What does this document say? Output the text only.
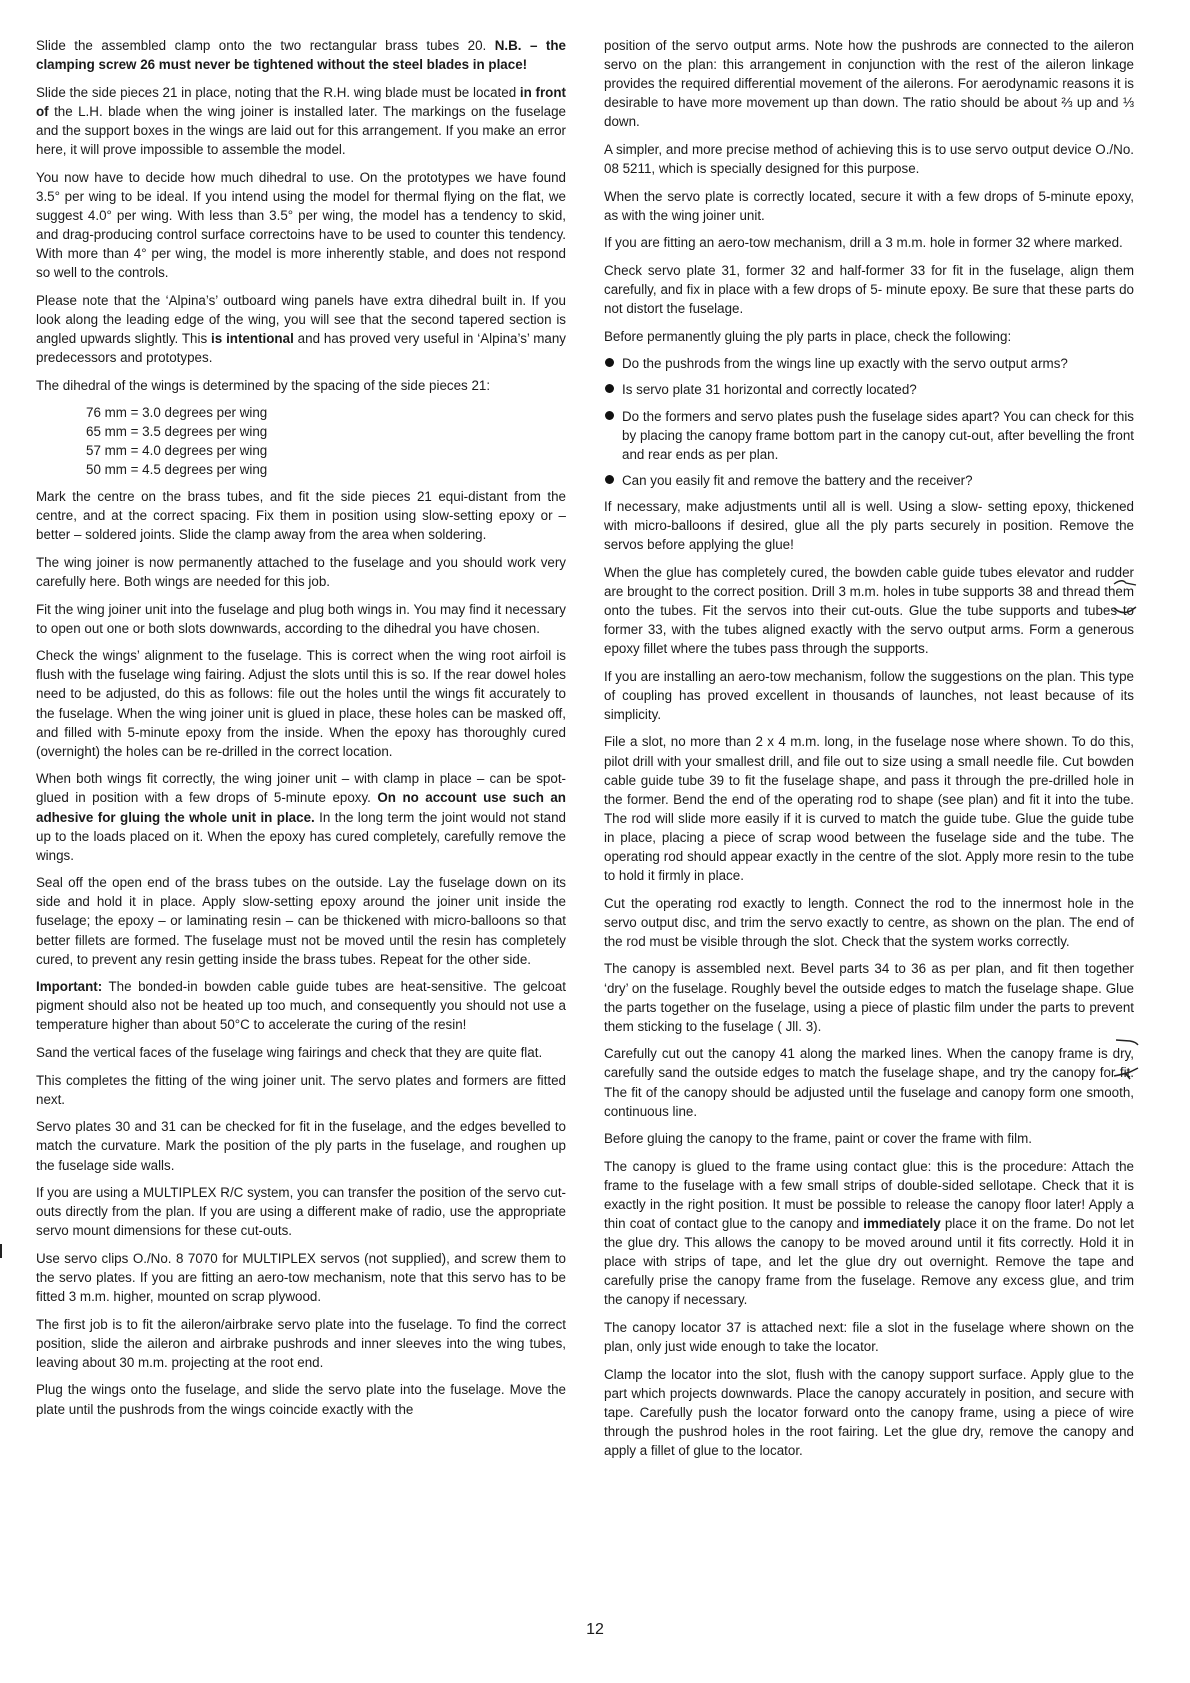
Slide the assembled clamp onto the two rectangular brass tubes 20. N.B. – the clamping screw 26 must never be tightened without the steel blades in place!

Slide the side pieces 21 in place, noting that the R.H. wing blade must be located in front of the L.H. blade when the wing joiner is installed later. The markings on the fuselage and the support boxes in the wings are laid out for this arrangement. If you make an error here, it will prove impossible to assemble the model.

You now have to decide how much dihedral to use. On the prototypes we have found 3.5° per wing to be ideal. If you intend using the model for thermal flying on the flat, we suggest 4.0° per wing. With less than 3.5° per wing, the model has a tendency to skid, and drag-producing control surface correctoins have to be used to counter this tendency. With more than 4° per wing, the model is more inherently stable, and does not respond so well to the controls.

Please note that the ‘Alpina’s’ outboard wing panels have extra dihedral built in. If you look along the leading edge of the wing, you will see that the second tapered section is angled upwards slightly. This is intentional and has proved very useful in ‘Alpina’s’ many predecessors and prototypes.

The dihedral of the wings is determined by the spacing of the side pieces 21:

76 mm = 3.0 degrees per wing
65 mm = 3.5 degrees per wing
57 mm = 4.0 degrees per wing
50 mm = 4.5 degrees per wing

Mark the centre on the brass tubes, and fit the side pieces 21 equi-distant from the centre, and at the correct spacing. Fix them in position using slow-setting epoxy or – better – soldered joints. Slide the clamp away from the area when soldering.

The wing joiner is now permanently attached to the fuselage and you should work very carefully here. Both wings are needed for this job.

Fit the wing joiner unit into the fuselage and plug both wings in. You may find it necessary to open out one or both slots downwards, according to the dihedral you have chosen.

Check the wings’ alignment to the fuselage. This is correct when the wing root airfoil is flush with the fuselage wing fairing. Adjust the slots until this is so. If the rear dowel holes need to be adjusted, do this as follows: file out the holes until the wings fit accurately to the fuselage. When the wing joiner unit is glued in place, these holes can be masked off, and filled with 5-minute epoxy from the inside. When the epoxy has thoroughly cured (overnight) the holes can be re-drilled in the correct location.

When both wings fit correctly, the wing joiner unit – with clamp in place – can be spot-glued in position with a few drops of 5-minute epoxy. On no account use such an adhesive for gluing the whole unit in place. In the long term the joint would not stand up to the loads placed on it. When the epoxy has cured completely, carefully remove the wings.

Seal off the open end of the brass tubes on the outside. Lay the fuselage down on its side and hold it in place. Apply slow-setting epoxy around the joiner unit inside the fuselage; the epoxy – or laminating resin – can be thickened with micro-balloons so that better fillets are formed. The fuselage must not be moved until the resin has completely cured, to prevent any resin getting inside the brass tubes. Repeat for the other side.

Important: The bonded-in bowden cable guide tubes are heat-sensitive. The gelcoat pigment should also not be heated up too much, and consequently you should not use a temperature higher than about 50°C to accelerate the curing of the resin!

Sand the vertical faces of the fuselage wing fairings and check that they are quite flat.

This completes the fitting of the wing joiner unit. The servo plates and formers are fitted next.

Servo plates 30 and 31 can be checked for fit in the fuselage, and the edges bevelled to match the curvature. Mark the position of the ply parts in the fuselage, and roughen up the fuselage side walls.

If you are using a MULTIPLEX R/C system, you can transfer the position of the servo cut-outs directly from the plan. If you are using a different make of radio, use the appropriate servo mount dimensions for these cut-outs.

Use servo clips O./No. 8 7070 for MULTIPLEX servos (not supplied), and screw them to the servo plates. If you are fitting an aero-tow mechanism, note that this servo has to be fitted 3 m.m. higher, mounted on scrap plywood.

The first job is to fit the aileron/airbrake servo plate into the fuselage. To find the correct position, slide the aileron and airbrake pushrods and inner sleeves into the wing tubes, leaving about 30 m.m. projecting at the root end.

Plug the wings onto the fuselage, and slide the servo plate into the fuselage. Move the plate until the pushrods from the wings coincide exactly with the

position of the servo output arms. Note how the pushrods are connected to the aileron servo on the plan: this arrangement in conjunction with the rest of the aileron linkage provides the required differential movement of the ailerons. For aerodynamic reasons it is desirable to have more movement up than down. The ratio should be about ⅔ up and ⅓ down.

A simpler, and more precise method of achieving this is to use servo output device O./No. 08 5211, which is specially designed for this purpose.

When the servo plate is correctly located, secure it with a few drops of 5-minute epoxy, as with the wing joiner unit.

If you are fitting an aero-tow mechanism, drill a 3 m.m. hole in former 32 where marked.

Check servo plate 31, former 32 and half-former 33 for fit in the fuselage, align them carefully, and fix in place with a few drops of 5- minute epoxy. Be sure that these parts do not distort the fuselage.

Before permanently gluing the ply parts in place, check the following:

Do the pushrods from the wings line up exactly with the servo output arms?
Is servo plate 31 horizontal and correctly located?
Do the formers and servo plates push the fuselage sides apart? You can check for this by placing the canopy frame bottom part in the canopy cut-out, after bevelling the front and rear ends as per plan.
Can you easily fit and remove the battery and the receiver?

If necessary, make adjustments until all is well. Using a slow- setting epoxy, thickened with micro-balloons if desired, glue all the ply parts securely in position. Remove the servos before applying the glue!

When the glue has completely cured, the bowden cable guide tubes elevator and rudder are brought to the correct position. Drill 3 m.m. holes in tube supports 38 and thread them onto the tubes. Fit the servos into their cut-outs. Glue the tube supports and tubes to former 33, with the tubes aligned exactly with the servo output arms. Form a generous epoxy fillet where the tubes pass through the supports.

If you are installing an aero-tow mechanism, follow the suggestions on the plan. This type of coupling has proved excellent in thousands of launches, not least because of its simplicity.

File a slot, no more than 2 x 4 m.m. long, in the fuselage nose where shown. To do this, pilot drill with your smallest drill, and file out to size using a small needle file. Cut bowden cable guide tube 39 to fit the fuselage shape, and pass it through the pre-drilled hole in the former. Bend the end of the operating rod to shape (see plan) and fit it into the tube. The rod will slide more easily if it is curved to match the guide tube. Glue the guide tube in place, placing a piece of scrap wood between the fuselage side and the tube. The operating rod should appear exactly in the centre of the slot. Apply more resin to the tube to hold it firmly in place.

Cut the operating rod exactly to length. Connect the rod to the innermost hole in the servo output disc, and trim the servo exactly to centre, as shown on the plan. The end of the rod must be visible through the slot. Check that the system works correctly.

The canopy is assembled next. Bevel parts 34 to 36 as per plan, and fit then together ‘dry’ on the fuselage. Roughly bevel the outside edges to match the fuselage shape. Glue the parts together on the fuselage, using a piece of plastic film under the parts to prevent them sticking to the fuselage ( Jll. 3).

Carefully cut out the canopy 41 along the marked lines. When the canopy frame is dry, carefully sand the outside edges to match the fuselage shape, and try the canopy for fit. The fit of the canopy should be adjusted until the fuselage and canopy form one smooth, continuous line.

Before gluing the canopy to the frame, paint or cover the frame with film.

The canopy is glued to the frame using contact glue: this is the procedure: Attach the frame to the fuselage with a few small strips of double-sided sellotape. Check that it is exactly in the right position. It must be possible to release the canopy floor later! Apply a thin coat of contact glue to the canopy and immediately place it on the frame. Do not let the glue dry. This allows the canopy to be moved around until it fits correctly. Hold it in place with strips of tape, and let the glue dry out overnight. Remove the tape and carefully prise the canopy frame from the fuselage. Remove any excess glue, and trim the canopy if necessary.

The canopy locator 37 is attached next: file a slot in the fuselage where shown on the plan, only just wide enough to take the locator.

Clamp the locator into the slot, flush with the canopy support surface. Apply glue to the part which projects downwards. Place the canopy accurately in position, and secure with tape. Carefully push the locator forward onto the canopy frame, using a piece of wire through the pushrod holes in the root fairing. Let the glue dry, remove the canopy and apply a fillet of glue to the locator.

12
